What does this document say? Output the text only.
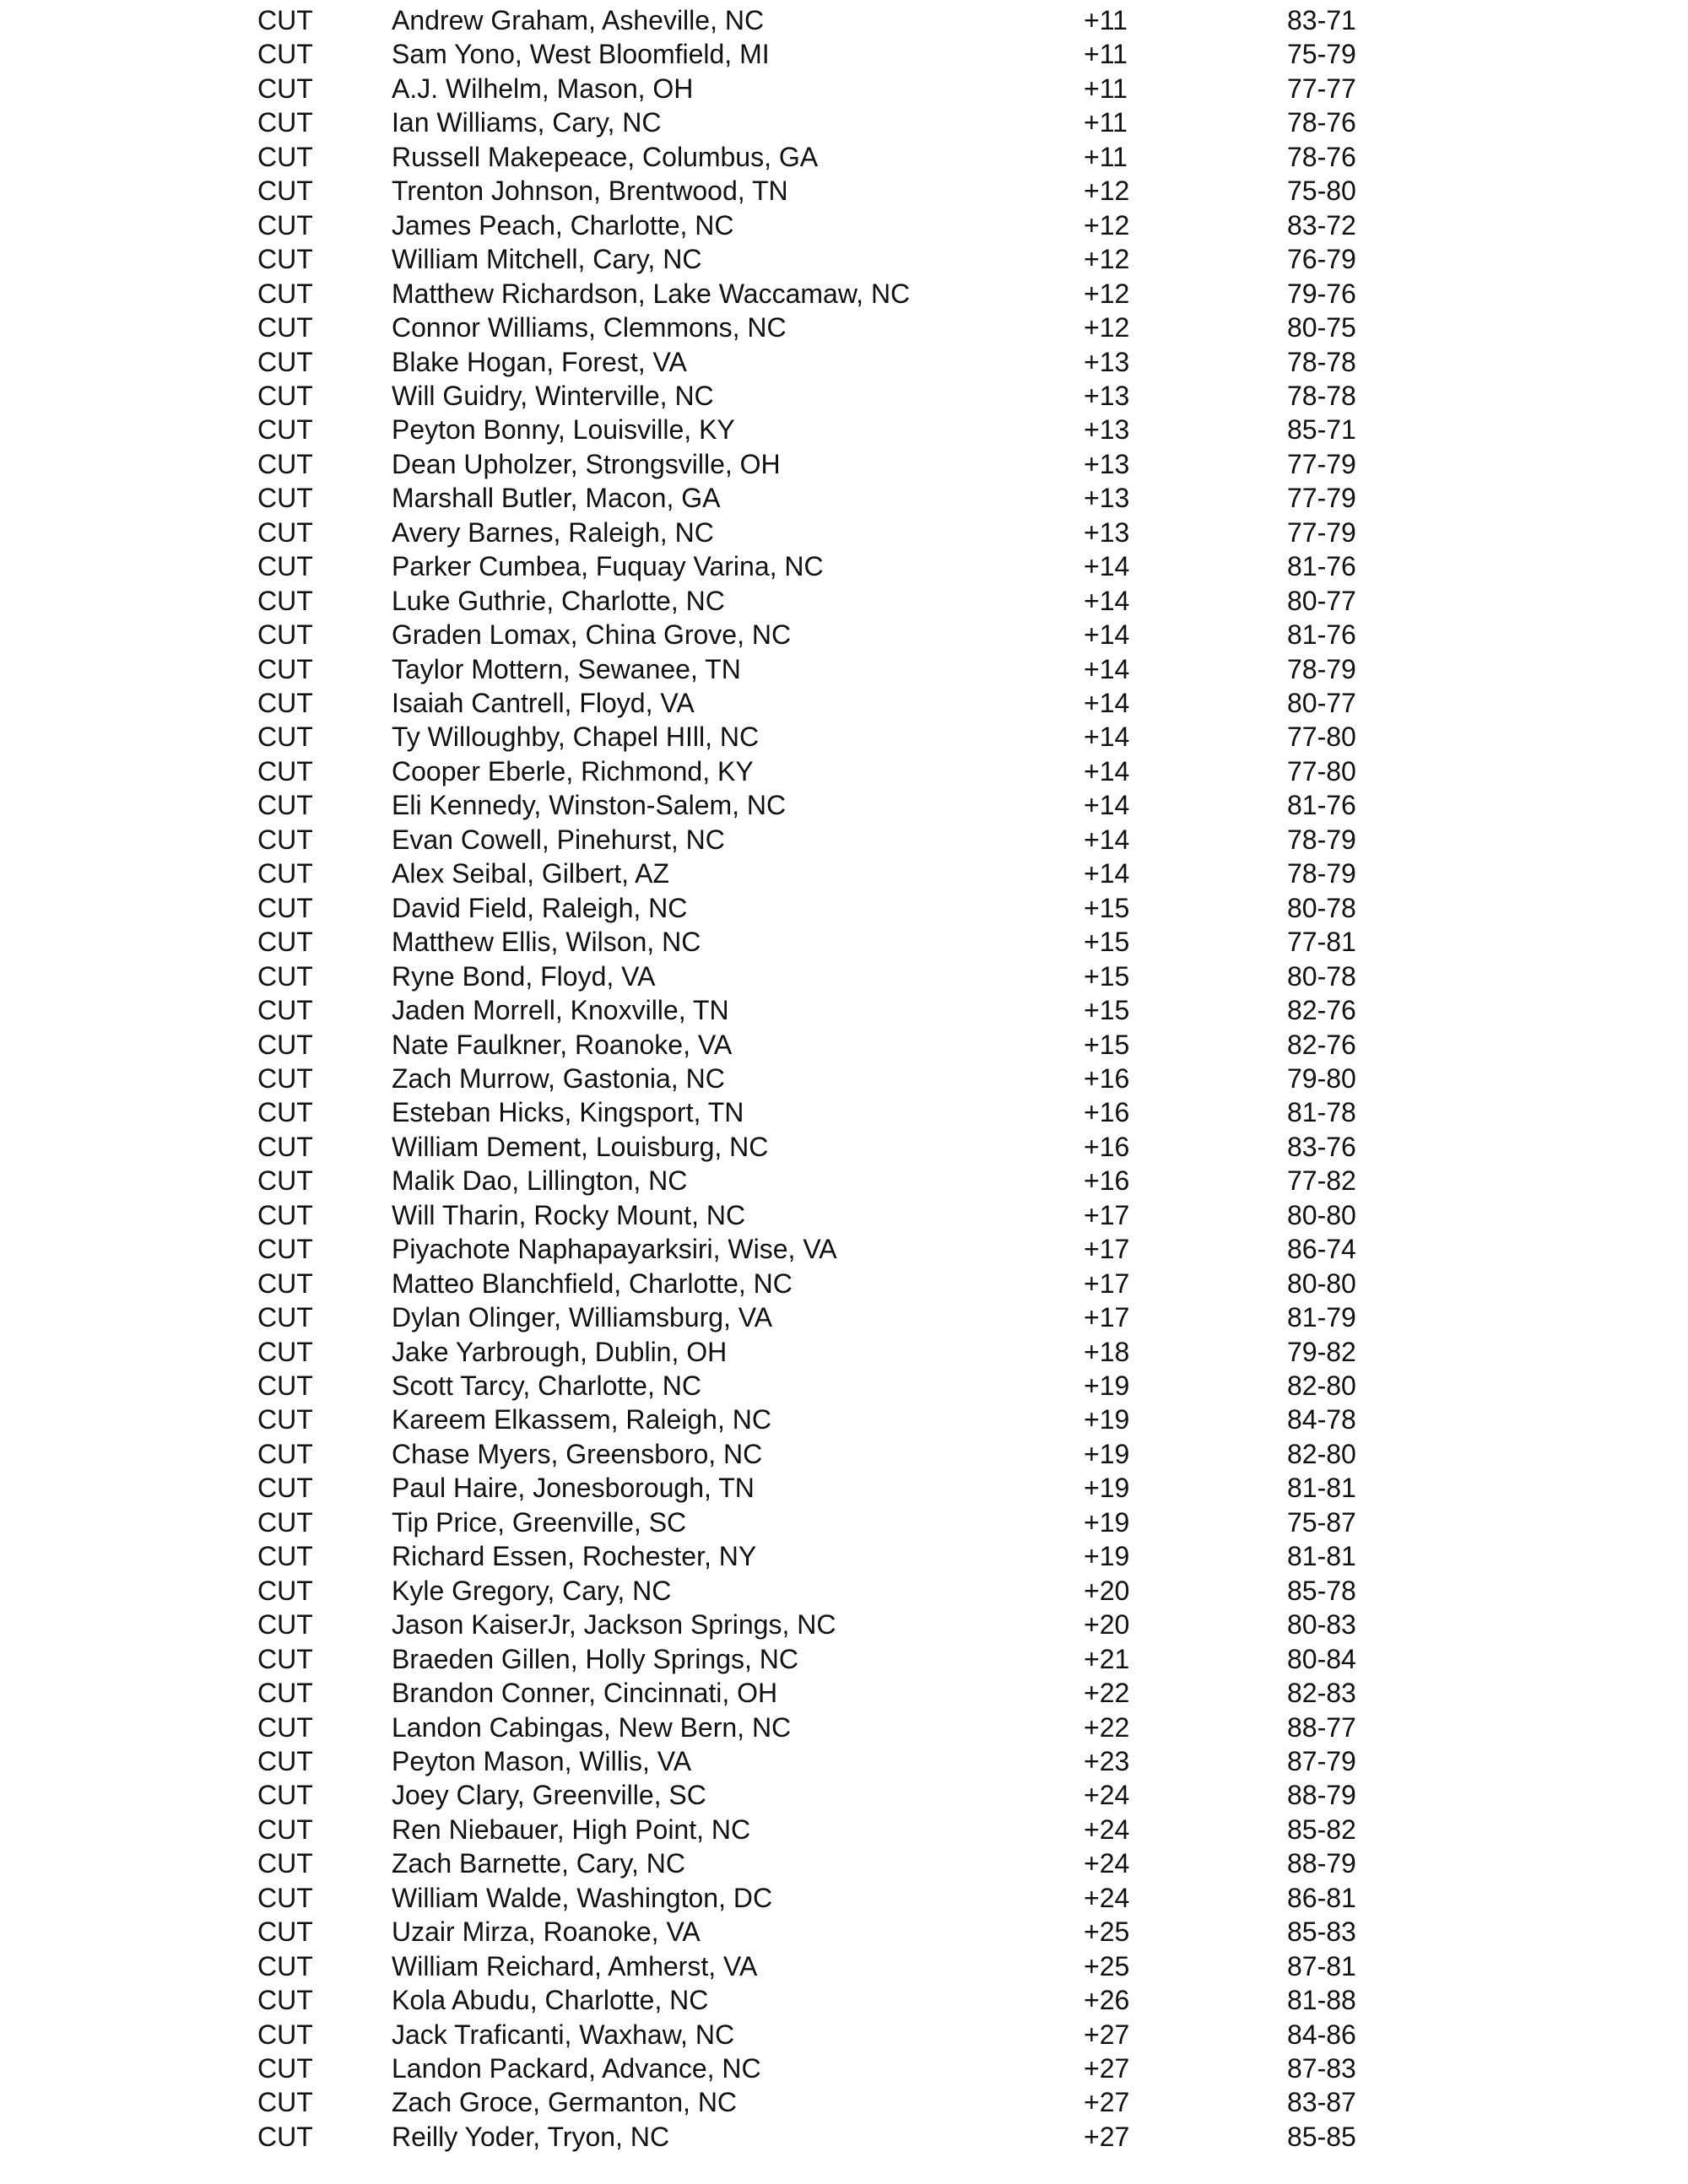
CUT	Andrew Graham, Asheville, NC	+11	83-71
CUT	Sam Yono, West Bloomfield, MI	+11	75-79
CUT	A.J. Wilhelm, Mason, OH	+11	77-77
CUT	Ian Williams, Cary, NC	+11	78-76
CUT	Russell Makepeace, Columbus, GA	+11	78-76
CUT	Trenton Johnson, Brentwood, TN	+12	75-80
CUT	James Peach, Charlotte, NC	+12	83-72
CUT	William Mitchell, Cary, NC	+12	76-79
CUT	Matthew Richardson, Lake Waccamaw, NC	+12	79-76
CUT	Connor Williams, Clemmons, NC	+12	80-75
CUT	Blake Hogan, Forest, VA	+13	78-78
CUT	Will Guidry, Winterville, NC	+13	78-78
CUT	Peyton Bonny, Louisville, KY	+13	85-71
CUT	Dean Upholzer, Strongsville, OH	+13	77-79
CUT	Marshall Butler, Macon, GA	+13	77-79
CUT	Avery Barnes, Raleigh, NC	+13	77-79
CUT	Parker Cumbea, Fuquay Varina, NC	+14	81-76
CUT	Luke Guthrie, Charlotte, NC	+14	80-77
CUT	Graden Lomax, China Grove, NC	+14	81-76
CUT	Taylor Mottern, Sewanee, TN	+14	78-79
CUT	Isaiah Cantrell, Floyd, VA	+14	80-77
CUT	Ty Willoughby, Chapel HIll, NC	+14	77-80
CUT	Cooper Eberle, Richmond, KY	+14	77-80
CUT	Eli Kennedy, Winston-Salem, NC	+14	81-76
CUT	Evan Cowell, Pinehurst, NC	+14	78-79
CUT	Alex Seibal, Gilbert, AZ	+14	78-79
CUT	David Field, Raleigh, NC	+15	80-78
CUT	Matthew Ellis, Wilson, NC	+15	77-81
CUT	Ryne Bond, Floyd, VA	+15	80-78
CUT	Jaden Morrell, Knoxville, TN	+15	82-76
CUT	Nate Faulkner, Roanoke, VA	+15	82-76
CUT	Zach Murrow, Gastonia, NC	+16	79-80
CUT	Esteban Hicks, Kingsport, TN	+16	81-78
CUT	William Dement, Louisburg, NC	+16	83-76
CUT	Malik Dao, Lillington, NC	+16	77-82
CUT	Will Tharin, Rocky Mount, NC	+17	80-80
CUT	Piyachote Naphapayarksiri, Wise, VA	+17	86-74
CUT	Matteo Blanchfield, Charlotte, NC	+17	80-80
CUT	Dylan Olinger, Williamsburg, VA	+17	81-79
CUT	Jake Yarbrough, Dublin, OH	+18	79-82
CUT	Scott Tarcy, Charlotte, NC	+19	82-80
CUT	Kareem Elkassem, Raleigh, NC	+19	84-78
CUT	Chase Myers, Greensboro, NC	+19	82-80
CUT	Paul Haire, Jonesborough, TN	+19	81-81
CUT	Tip Price, Greenville, SC	+19	75-87
CUT	Richard Essen, Rochester, NY	+19	81-81
CUT	Kyle Gregory, Cary, NC	+20	85-78
CUT	Jason KaiserJr, Jackson Springs, NC	+20	80-83
CUT	Braeden Gillen, Holly Springs, NC	+21	80-84
CUT	Brandon Conner, Cincinnati, OH	+22	82-83
CUT	Landon Cabingas, New Bern, NC	+22	88-77
CUT	Peyton Mason, Willis, VA	+23	87-79
CUT	Joey Clary, Greenville, SC	+24	88-79
CUT	Ren Niebauer, High Point, NC	+24	85-82
CUT	Zach Barnette, Cary, NC	+24	88-79
CUT	William Walde, Washington, DC	+24	86-81
CUT	Uzair Mirza, Roanoke, VA	+25	85-83
CUT	William Reichard, Amherst, VA	+25	87-81
CUT	Kola Abudu, Charlotte, NC	+26	81-88
CUT	Jack Traficanti, Waxhaw, NC	+27	84-86
CUT	Landon Packard, Advance, NC	+27	87-83
CUT	Zach Groce, Germanton, NC	+27	83-87
CUT	Reilly Yoder, Tryon, NC	+27	85-85
